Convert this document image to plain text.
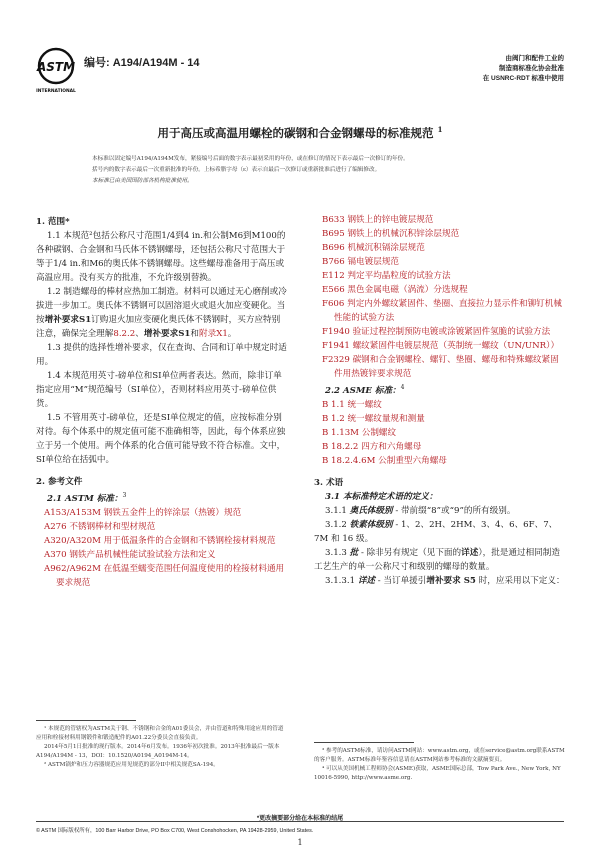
ASTM
INTERNATIONAL
编号: A194/A194M - 14	由阀门和配件工业的
制造商标准化协会批准
在 USNRC-RDT 标准中使用
用于高压或高温用螺栓的碳钢和合金钢螺母的标准规范 $^1$

本标准以固定编号A194/A194M发布，紧接编号后面的数字表示最初采用的年份，或在修订的情况下表示最后一次修订的年份。

括号内的数字表示最后一次重新批准的年份。上标希腊字母（ε）表示自最后一次修订或重新批准后进行了编辑修改。

本标准已由美国国防部各机构批准使用。

1. 范围*

1.1 本规范²包括公称尺寸范围1/4到4 in.和公制M6到M100的各种碳钢、合金钢和马氏体不锈钢螺母，还包括公称尺寸范围大于等于1/4 in.和M6的奥氏体不锈钢螺母。这些螺母准备用于高压或高温应用。没有买方的批准，不允许级别替换。

1.2 制造螺母的棒材应热加工制造。材料可以通过无心磨削或冷拔进一步加工。奥氏体不锈钢可以固溶退火或退火加应变硬化。当按增补要求S1订购退火加应变硬化奥氏体不锈钢时，买方应特别注意，确保完全理解8.2.2、增补要求S1和附录X1。

1.3 提供的选择性增补要求，仅在查询、合同和订单中规定时适用。

1.4 本规范用英寸-磅单位和SI单位两者表达。然而，除非订单指定应用“M”规范编号（SI单位），否则材料应用英寸-磅单位供货。

1.5 不管用英寸-磅单位，还是SI单位规定的值，应按标准分别对待。每个体系中的规定值可能不准确相等，因此，每个体系应独立于另一个使用。两个体系的化合值可能导致不符合标准。文中，SI单位给在括弧中。

2. 参考文件

2.1 ASTM 标准：$^3$

A153/A153M 钢铁五金件上的锌涂层（热镀）规范

A276 不锈钢棒材和型材规范

A320/A320M 用于低温条件的合金钢和不锈钢栓接材料规范

A370 钢铁产品机械性能试验试验方法和定义

A962/A962M 在低温至蠕变范围任何温度使用的栓接材料通用要求规范

¹ 本规范的管辖权为ASTM关于钢、不锈钢和合金的A01委员会，并由管道和特殊用途应用的管道应用和栓接材料用钢锻件和锻造配件的A01.22分委员会直接负责。

2014年5月1日批准的现行版本。2014年6月发布。1936年初次批准。2013年批准最后一版本A194/A194M - 13，DOI：10.1520/A0194_A0194M-14。

² ASTM锅炉和压力容器规范应用见规范的部分II中相关规范SA-194。

B633 钢铁上的锌电镀层规范

B695 钢铁上的机械沉积锌涂层规范

B696 机械沉积镉涂层规范

B766 镉电镀层规范

E112 判定平均晶粒度的试验方法

E566 黑色金属电磁（涡流）分选规程

F606 判定内外螺纹紧固件、垫圈、直接拉力显示件和铆钉机械性能的试验方法

F1940 验证过程控制预防电镀或涂镀紧固件氢脆的试验方法

F1941 螺纹紧固件电镀层规范（英制统一螺纹（UN/UNR））

F2329 碳钢和合金钢螺栓、螺钉、垫圈、螺母和特殊螺纹紧固件用热镀锌要求规范

2.2 ASME 标准：$^4$

B 1.1 统一螺纹

B 1.2 统一螺纹量规和测量

B 1.13M 公制螺纹

B 18.2.2 四方和六角螺母

B 18.2.4.6M 公制重型六角螺母

3. 术语

3.1 本标准特定术语的定义：

3.1.1 奥氏体级别 - 带前缀“8”或“9”的所有级别。

3.1.2 铁素体级别 - 1、2、2H、2HM、3、4、6、6F、7、7M 和 16 级。

3.1.3 批 - 除非另有规定（见下面的详述），批是通过相同制造工艺生产的单一公称尺寸和级别的螺母的数量。

3.1.3.1 详述 - 当订单援引增补要求 S5 时，应采用以下定义：

³ 参考的ASTM标准，请访问ASTM网站：www.astm.org，或在service@astm.org联系ASTM的客户服务。ASTM标准年鉴容信息请在ASTM网站参考标准的文献摘要页。

⁴ 可以从美国机械工程师协会(ASME)获取，ASME国际总部，Tow Park Ave., New York, NY 10016-5990, http://www.asme.org.

*更改摘要部分给在本标准的结尾
© ASTM 国际版权所有，100 Barr Harbor Drive, PO Box C700, West Conshohocken, PA 19428-2959, United States.
1
